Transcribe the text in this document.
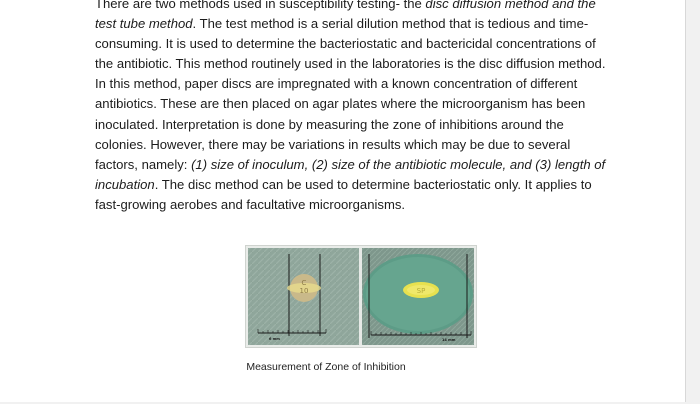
There are two methods used in susceptibility testing- the disc diffusion method and the test tube method. The test method is a serial dilution method that is tedious and time-consuming. It is used to determine the bacteriostatic and bactericidal concentrations of the antibiotic. This method routinely used in the laboratories is the disc diffusion method. In this method, paper discs are impregnated with a known concentration of different antibiotics. These are then placed on agar plates where the microorganism has been inoculated. Interpretation is done by measuring the zone of inhibitions around the colonies. However, there may be variations in results which may be due to several factors, namely: (1) size of inoculum, (2) size of the antibiotic molecule, and (3) length of incubation. The disc method can be used to determine bacteriostatic only. It applies to fast-growing aerobes and facultative microorganisms.

C
10
6 mm
SP
14 mm
Measurement of Zone of Inhibition
